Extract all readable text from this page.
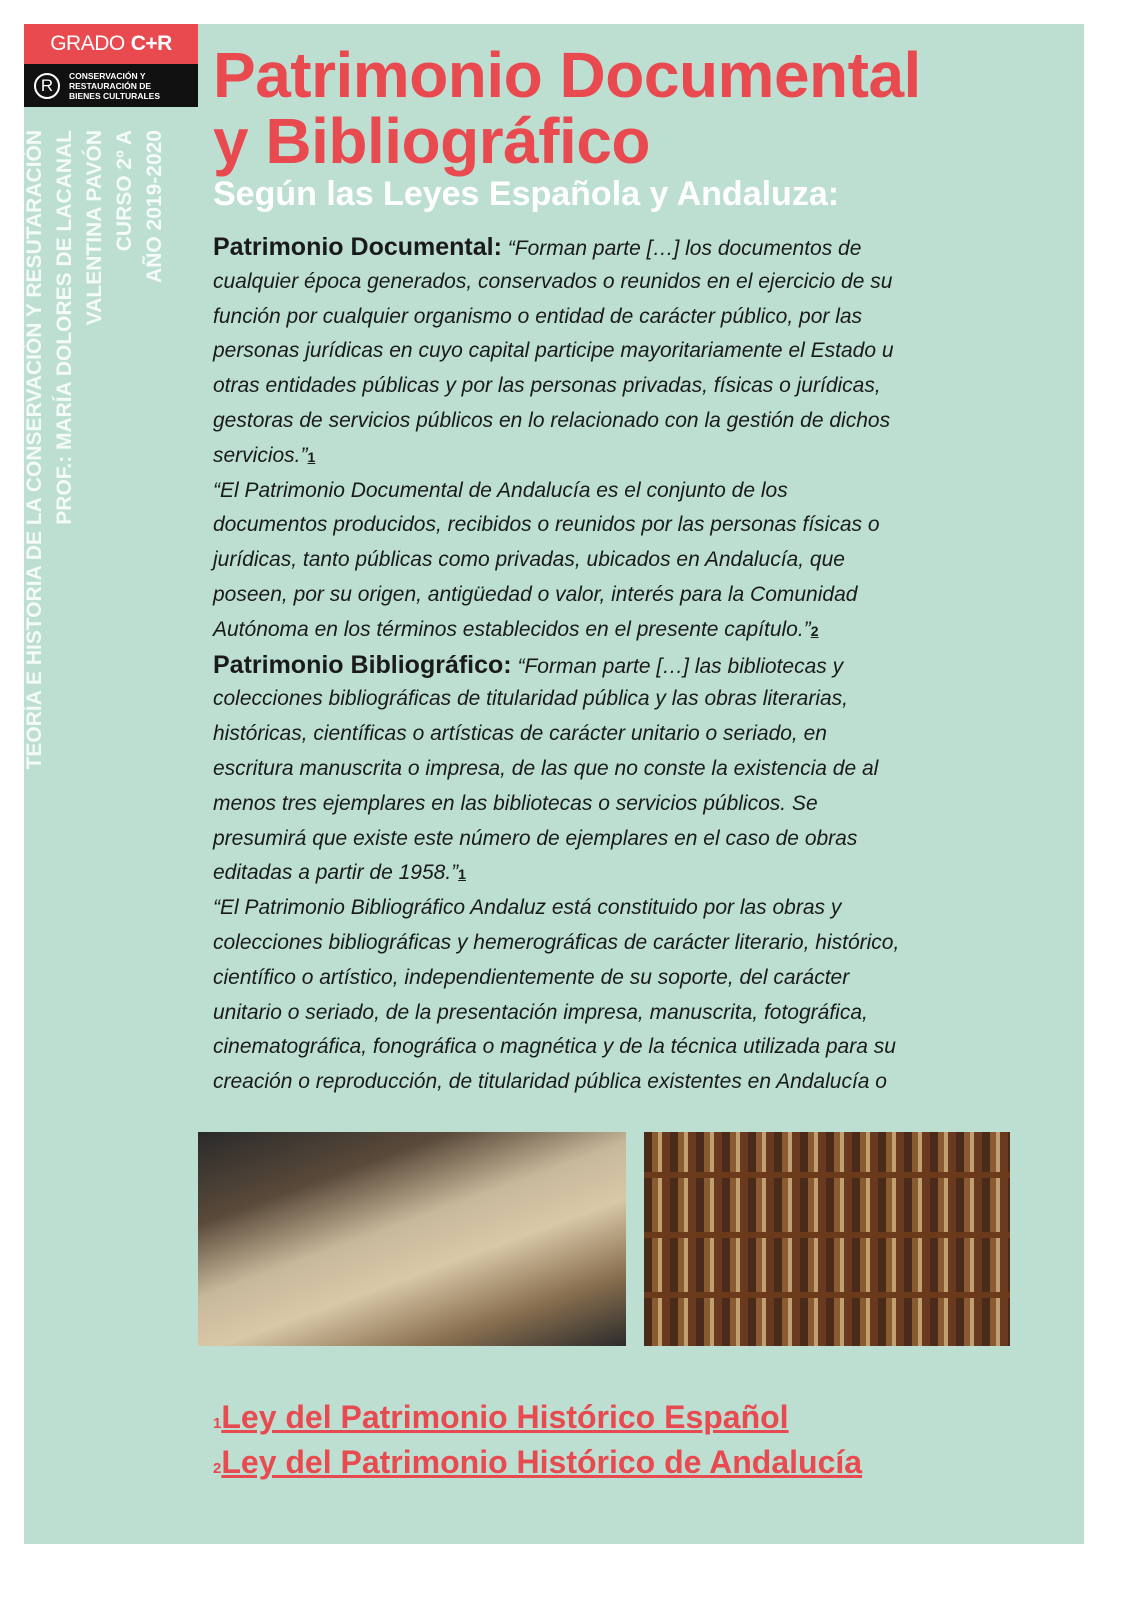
GRADO C+R
R	CONSERVACIÓN Y
RESTAURACIÓN DE
BIENES CULTURALES
TEORÍA E HISTORIA DE LA CONSERVACIÓN Y RESUTARACIÓN PROF.: MARÍA DOLORES DE LACANAL VALENTINA PAVÓN CURSO 2º A AÑO 2019-2020
Patrimonio Documental
y Bibliográfico
Según las Leyes Española y Andaluza:
Patrimonio Documental: “Forman parte […] los documentos de
cualquier época generados, conservados o reunidos en el ejercicio de su
función por cualquier organismo o entidad de carácter público, por las
personas jurídicas en cuyo capital participe mayoritariamente el Estado u
otras entidades públicas y por las personas privadas, físicas o jurídicas,
gestoras de servicios públicos en lo relacionado con la gestión de dichos
servicios.”1
“El Patrimonio Documental de Andalucía es el conjunto de los
documentos producidos, recibidos o reunidos por las personas físicas o
jurídicas, tanto públicas como privadas, ubicados en Andalucía, que
poseen, por su origen, antigüedad o valor, interés para la Comunidad
Autónoma en los términos establecidos en el presente capítulo.”2
Patrimonio Bibliográfico: “Forman parte […] las bibliotecas y
colecciones bibliográficas de titularidad pública y las obras literarias,
históricas, científicas o artísticas de carácter unitario o seriado, en
escritura manuscrita o impresa, de las que no conste la existencia de al
menos tres ejemplares en las bibliotecas o servicios públicos. Se
presumirá que existe este número de ejemplares en el caso de obras
editadas a partir de 1958.”1
“El Patrimonio Bibliográfico Andaluz está constituido por las obras y
colecciones bibliográficas y hemerográficas de carácter literario, histórico,
científico o artístico, independientemente de su soporte, del carácter
unitario o seriado, de la presentación impresa, manuscrita, fotográfica,
cinematográfica, fonográfica o magnética y de la técnica utilizada para su
creación o reproducción, de titularidad pública existentes en Andalucía o
1Ley del Patrimonio Histórico Español
2Ley del Patrimonio Histórico de Andalucía
